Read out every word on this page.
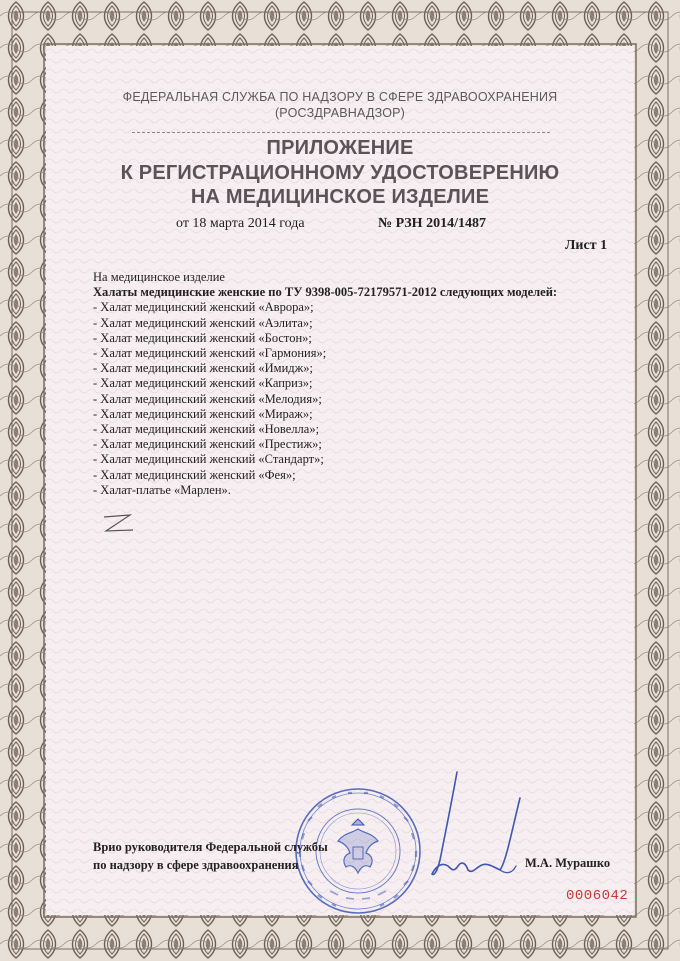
ФЕДЕРАЛЬНАЯ СЛУЖБА ПО НАДЗОРУ В СФЕРЕ ЗДРАВООХРАНЕНИЯ
(РОСЗДРАВНАДЗОР)
ПРИЛОЖЕНИЕ
К РЕГИСТРАЦИОННОМУ УДОСТОВЕРЕНИЮ
НА МЕДИЦИНСКОЕ ИЗДЕЛИЕ
от 18 марта 2014 года	№ РЗН 2014/1487
Лист 1
На медицинское изделие
Халаты медицинские женские по ТУ 9398-005-72179571-2012 следующих моделей:
- Халат медицинский женский «Аврора»;
- Халат медицинский женский «Аэлита»;
- Халат медицинский женский «Бостон»;
- Халат медицинский женский «Гармония»;
- Халат медицинский женский «Имидж»;
- Халат медицинский женский «Каприз»;
- Халат медицинский женский «Мелодия»;
- Халат медицинский женский «Мираж»;
- Халат медицинский женский «Новелла»;
- Халат медицинский женский «Престиж»;
- Халат медицинский женский «Стандарт»;
- Халат медицинский женский «Фея»;
- Халат-платье «Марлен».
Врио руководителя Федеральной службы
по надзору в сфере здравоохранения	М.А. Мурашко
0006042
